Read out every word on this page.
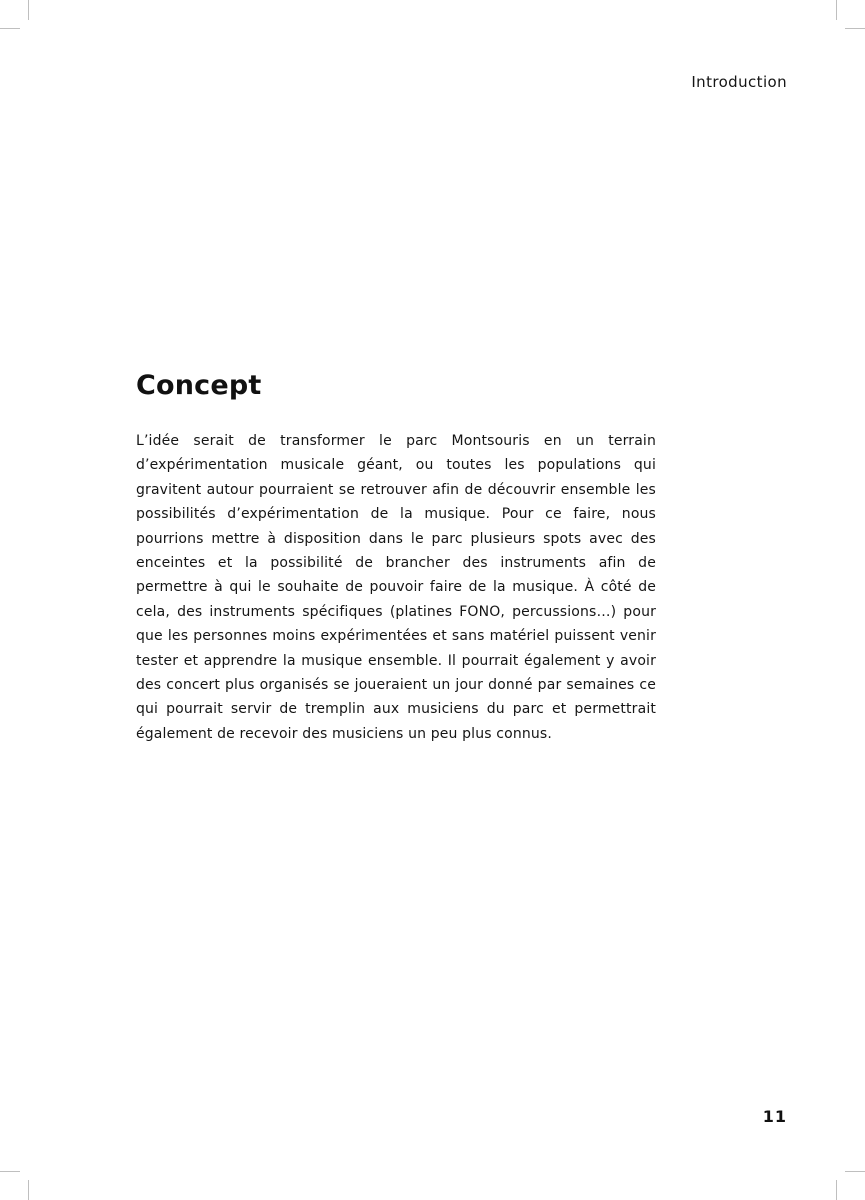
Introduction
Concept

L’idée serait de transformer le parc Montsouris en un terrain d’expérimentation musicale géant, ou toutes les populations qui gravitent autour pourraient se retrouver afin de découvrir ensemble les possibilités d’expérimentation de la musique. Pour ce faire, nous pourrions mettre à disposition dans le parc plusieurs spots avec des enceintes et la possibilité de brancher des instruments afin de permettre à qui le souhaite de pouvoir faire de la musique. À côté de cela, des instruments spécifiques (platines FONO, percussions…) pour que les personnes moins expérimentées et sans matériel puissent venir tester et apprendre la musique ensemble. Il pourrait également y avoir des concert plus organisés se joueraient un jour donné par semaines ce qui pourrait servir de tremplin aux musiciens du parc et permettrait également de recevoir des musiciens un peu plus connus.

11
